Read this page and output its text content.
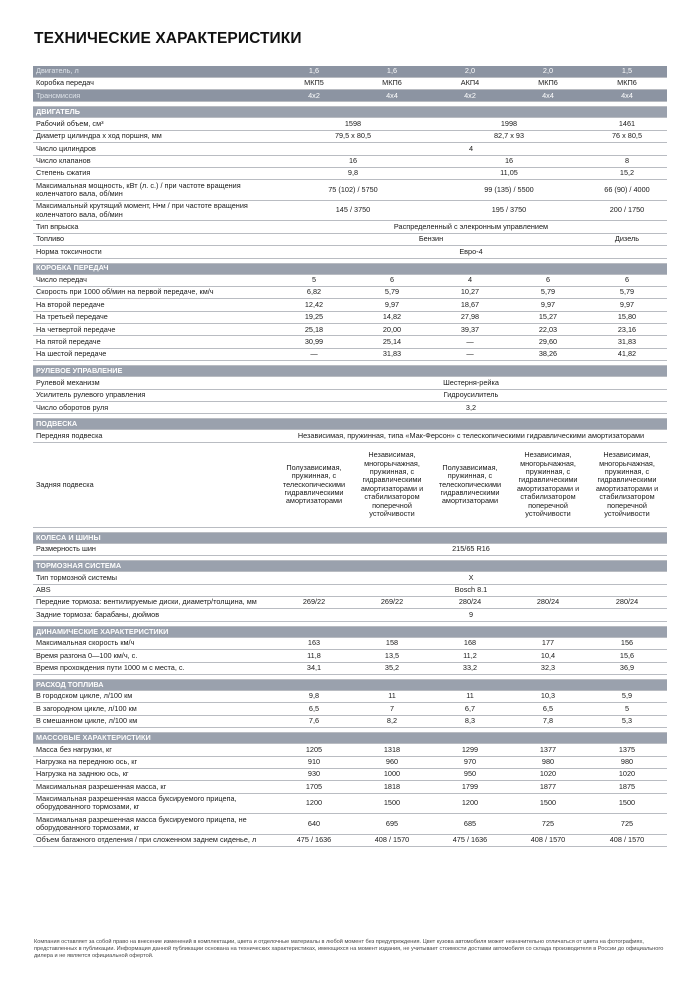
ТЕХНИЧЕСКИЕ ХАРАКТЕРИСТИКИ
Двигатель, л	1,6	1,6	2,0	2,0	1,5
Коробка передач	МКП5	МКП6	АКП4	МКП6	МКП6
Трансмиссия	4x2	4x4	4x2	4x4	4x4

ДВИГАТЕЛЬ					
Рабочий объем, см³	1598		1998		1461
Диаметр цилиндра x ход поршня, мм	79,5 x 80,5		82,7 x 93		76 x 80,5
Число цилиндров	4				
Число клапанов	16		16		8
Степень сжатия	9,8		11,05		15,2
Максимальная мощность, кВт (л. с.) / при частоте вращения коленчатого вала, об/мин	75 (102) / 5750		99 (135) / 5500		66 (90) / 4000
Максимальный крутящий момент, Н•м / при частоте вращения коленчатого вала, об/мин	145 / 3750		195 / 3750		200 / 1750
Тип впрыска	Распределенный с элекронным управлением				
Топливо	Бензин				Дизель
Норма токсичности	Евро-4				

КОРОБКА ПЕРЕДАЧ					
Число передач	5	6	4	6	6
Скорость при 1000 об/мин на первой передаче, км/ч	6,82	5,79	10,27	5,79	5,79
На второй передаче	12,42	9,97	18,67	9,97	9,97
На третьей передаче	19,25	14,82	27,98	15,27	15,80
На четвертой передаче	25,18	20,00	39,37	22,03	23,16
На пятой передаче	30,99	25,14	—	29,60	31,83
На шестой передаче	—	31,83	—	38,26	41,82

РУЛЕВОЕ УПРАВЛЕНИЕ					
Рулевой механизм	Шестерня-рейка				
Усилитель рулевого управления	Гидроусилитель				
Число оборотов руля	3,2				

ПОДВЕСКА					
Передняя подвеска	Независимая, пружинная, типа «Мак-Ферсон» с телескопическими гидравлическими амортизаторами				
Задняя подвеска	Полузависимая, пружинная, с телескопическими гидравлическими амортизаторами	Независимая, многорычажная, пружинная, с гидравлическими амортизаторами и стабилизатором поперечной устойчивости	Полузависимая, пружинная, с телескопическими гидравлическими амортизаторами	Независимая, многорычажная, пружинная, с гидравлическими амортизаторами и стабилизатором поперечной устойчивости	Независимая, многорычажная, пружинная, с гидравлическими амортизаторами и стабилизатором поперечной устойчивости

КОЛЕСА И ШИНЫ					
Размерность шин	215/65 R16				

ТОРМОЗНАЯ СИСТЕМА					
Тип тормозной системы	X				
ABS	Bosch 8.1				
Передние тормоза: вентилируемые диски, диаметр/толщина, мм	269/22	269/22	280/24	280/24	280/24
Задние тормоза: барабаны, дюймов	9				

ДИНАМИЧЕСКИЕ ХАРАКТЕРИСТИКИ					
Максимальная скорость км/ч	163	158	168	177	156
Время разгона 0—100 км/ч, с.	11,8	13,5	11,2	10,4	15,6
Время прохождения пути 1000 м с места, с.	34,1	35,2	33,2	32,3	36,9

РАСХОД ТОПЛИВА					
В городском цикле, л/100 км	9,8	11	11	10,3	5,9
В загородном цикле, л/100 км	6,5	7	6,7	6,5	5
В смешанном цикле, л/100 км	7,6	8,2	8,3	7,8	5,3

МАССОВЫЕ ХАРАКТЕРИСТИКИ					
Масса без нагрузки, кг	1205	1318	1299	1377	1375
Нагрузка на переднюю ось, кг	910	960	970	980	980
Нагрузка на заднюю ось, кг	930	1000	950	1020	1020
Максимальная разрешенная масса, кг	1705	1818	1799	1877	1875
Максимальная разрешенная масса буксируемого прицепа, оборудованного тормозами, кг	1200	1500	1200	1500	1500
Максимальная разрешенная масса буксируемого прицепа, не оборудованного тормозами, кг	640	695	685	725	725
Объем багажного отделения / при сложенном заднем сиденье, л	475 / 1636	408 / 1570	475 / 1636	408 / 1570	408 / 1570
Компания оставляет за собой право на внесение изменений в комплектации, цвета и отделочные материалы в любой момент без предупреждения. Цвет кузова автомобиля может незначительно отличаться от цвета на фотографиях, представленных в публикации. Информация данной публикации основана на технических характеристиках, имеющихся на момент издания, не учитывает стоимости доставки автомобиля со склада производителя в России до официального дилера и не является официальной офертой.
